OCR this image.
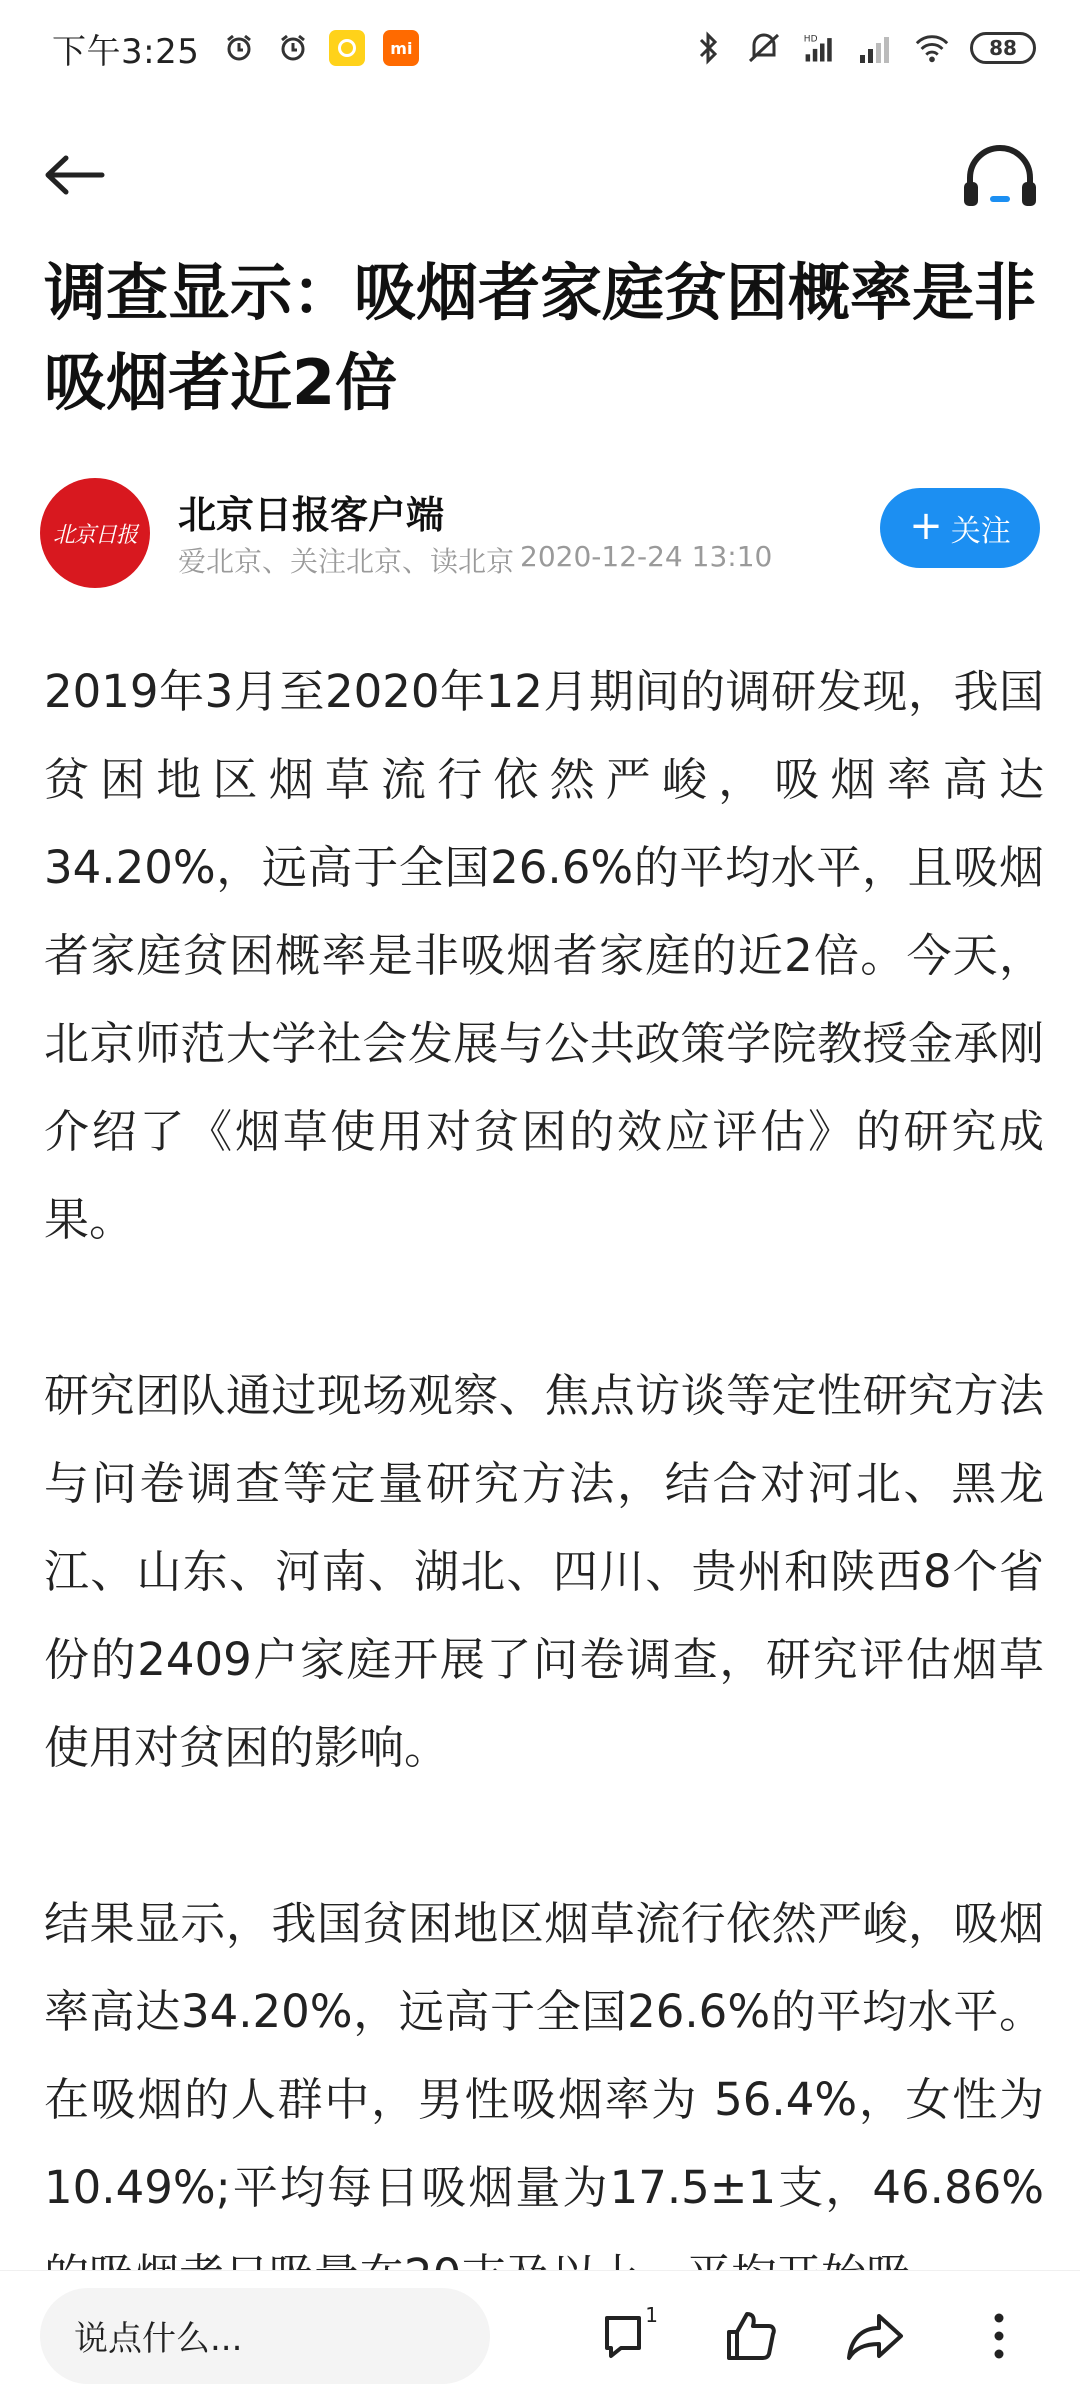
下午3:25	mi	HD	88
调查显示：吸烟者家庭贫困概率是非吸烟者近2倍
北京日报	北京日报客户端
爱北京、关注北京、读北京 2020-12-24 13:10
+ 关注

2019年3月至2020年12月期间的调研发现，我国贫困地区烟草流行依然严峻，吸烟率高达34.20%，远高于全国26.6%的平均水平，且吸烟者家庭贫困概率是非吸烟者家庭的近2倍。今天，北京师范大学社会发展与公共政策学院教授金承刚介绍了《烟草使用对贫困的效应评估》的研究成果。

研究团队通过现场观察、焦点访谈等定性研究方法与问卷调查等定量研究方法，结合对河北、黑龙江、山东、河南、湖北、四川、贵州和陕西8个省份的2409户家庭开展了问卷调查，研究评估烟草使用对贫困的影响。

结果显示，我国贫困地区烟草流行依然严峻，吸烟率高达34.20%，远高于全国26.6%的平均水平。在吸烟的人群中，男性吸烟率为 56.4%，女性为10.49%;平均每日吸烟量为17.5±1支，46.86%

说点什么...
1
